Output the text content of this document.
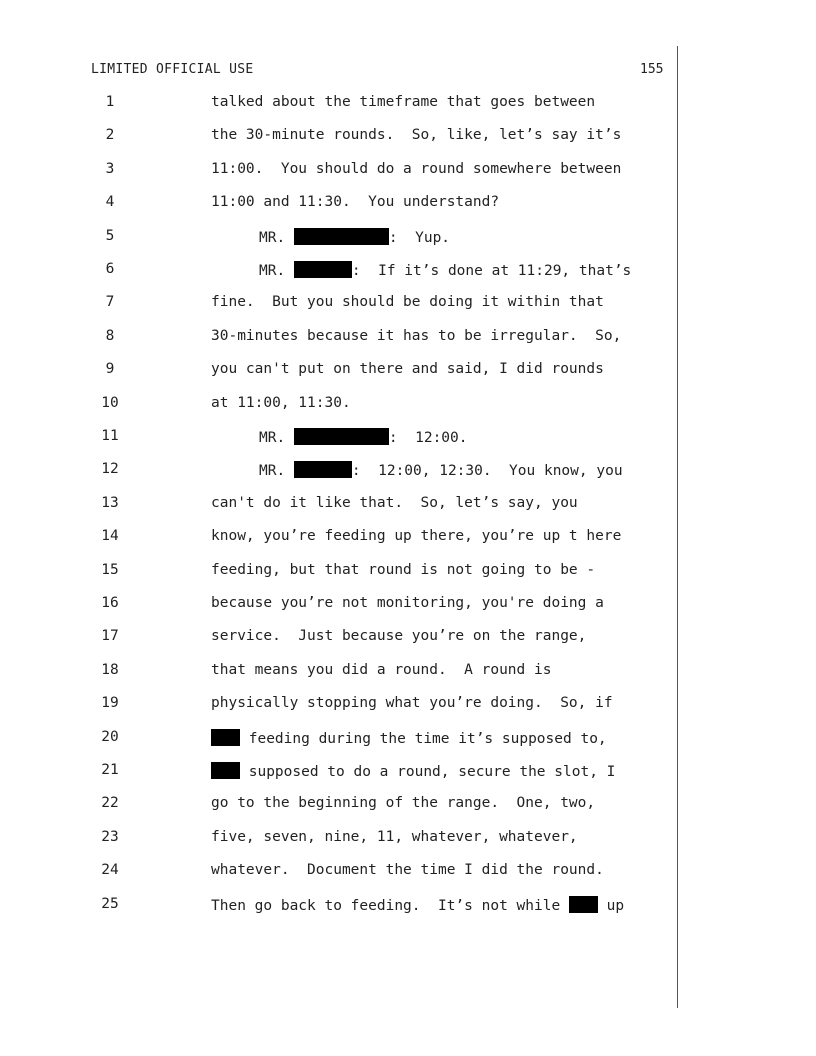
LIMITED OFFICIAL USE	155
1	talked about the timeframe that goes between
2	the 30-minute rounds.  So, like, let’s say it’s
3	11:00.  You should do a round somewhere between
4	11:00 and 11:30.  You understand?
5	MR.	:  Yup.
6	MR.	:  If it’s done at 11:29, that’s
7	fine.  But you should be doing it within that
8	30-minutes because it has to be irregular.  So,
9	you can't put on there and said, I did rounds
10	at 11:00, 11:30.
11	MR.	:  12:00.
12	MR.	:  12:00, 12:30.  You know, you
13	can't do it like that.  So, let’s say, you
14	know, you’re feeding up there, you’re up t here
15	feeding, but that round is not going to be -
16	because you’re not monitoring, you're doing a
17	service.  Just because you’re on the range,
18	that means you did a round.  A round is
19	physically stopping what you’re doing.  So, if
20	feeding during the time it’s supposed to,
21	supposed to do a round, secure the slot, I
22	go to the beginning of the range.  One, two,
23	five, seven, nine, 11, whatever, whatever,
24	whatever.  Document the time I did the round.
25	Then go back to feeding.  It’s not while  up
